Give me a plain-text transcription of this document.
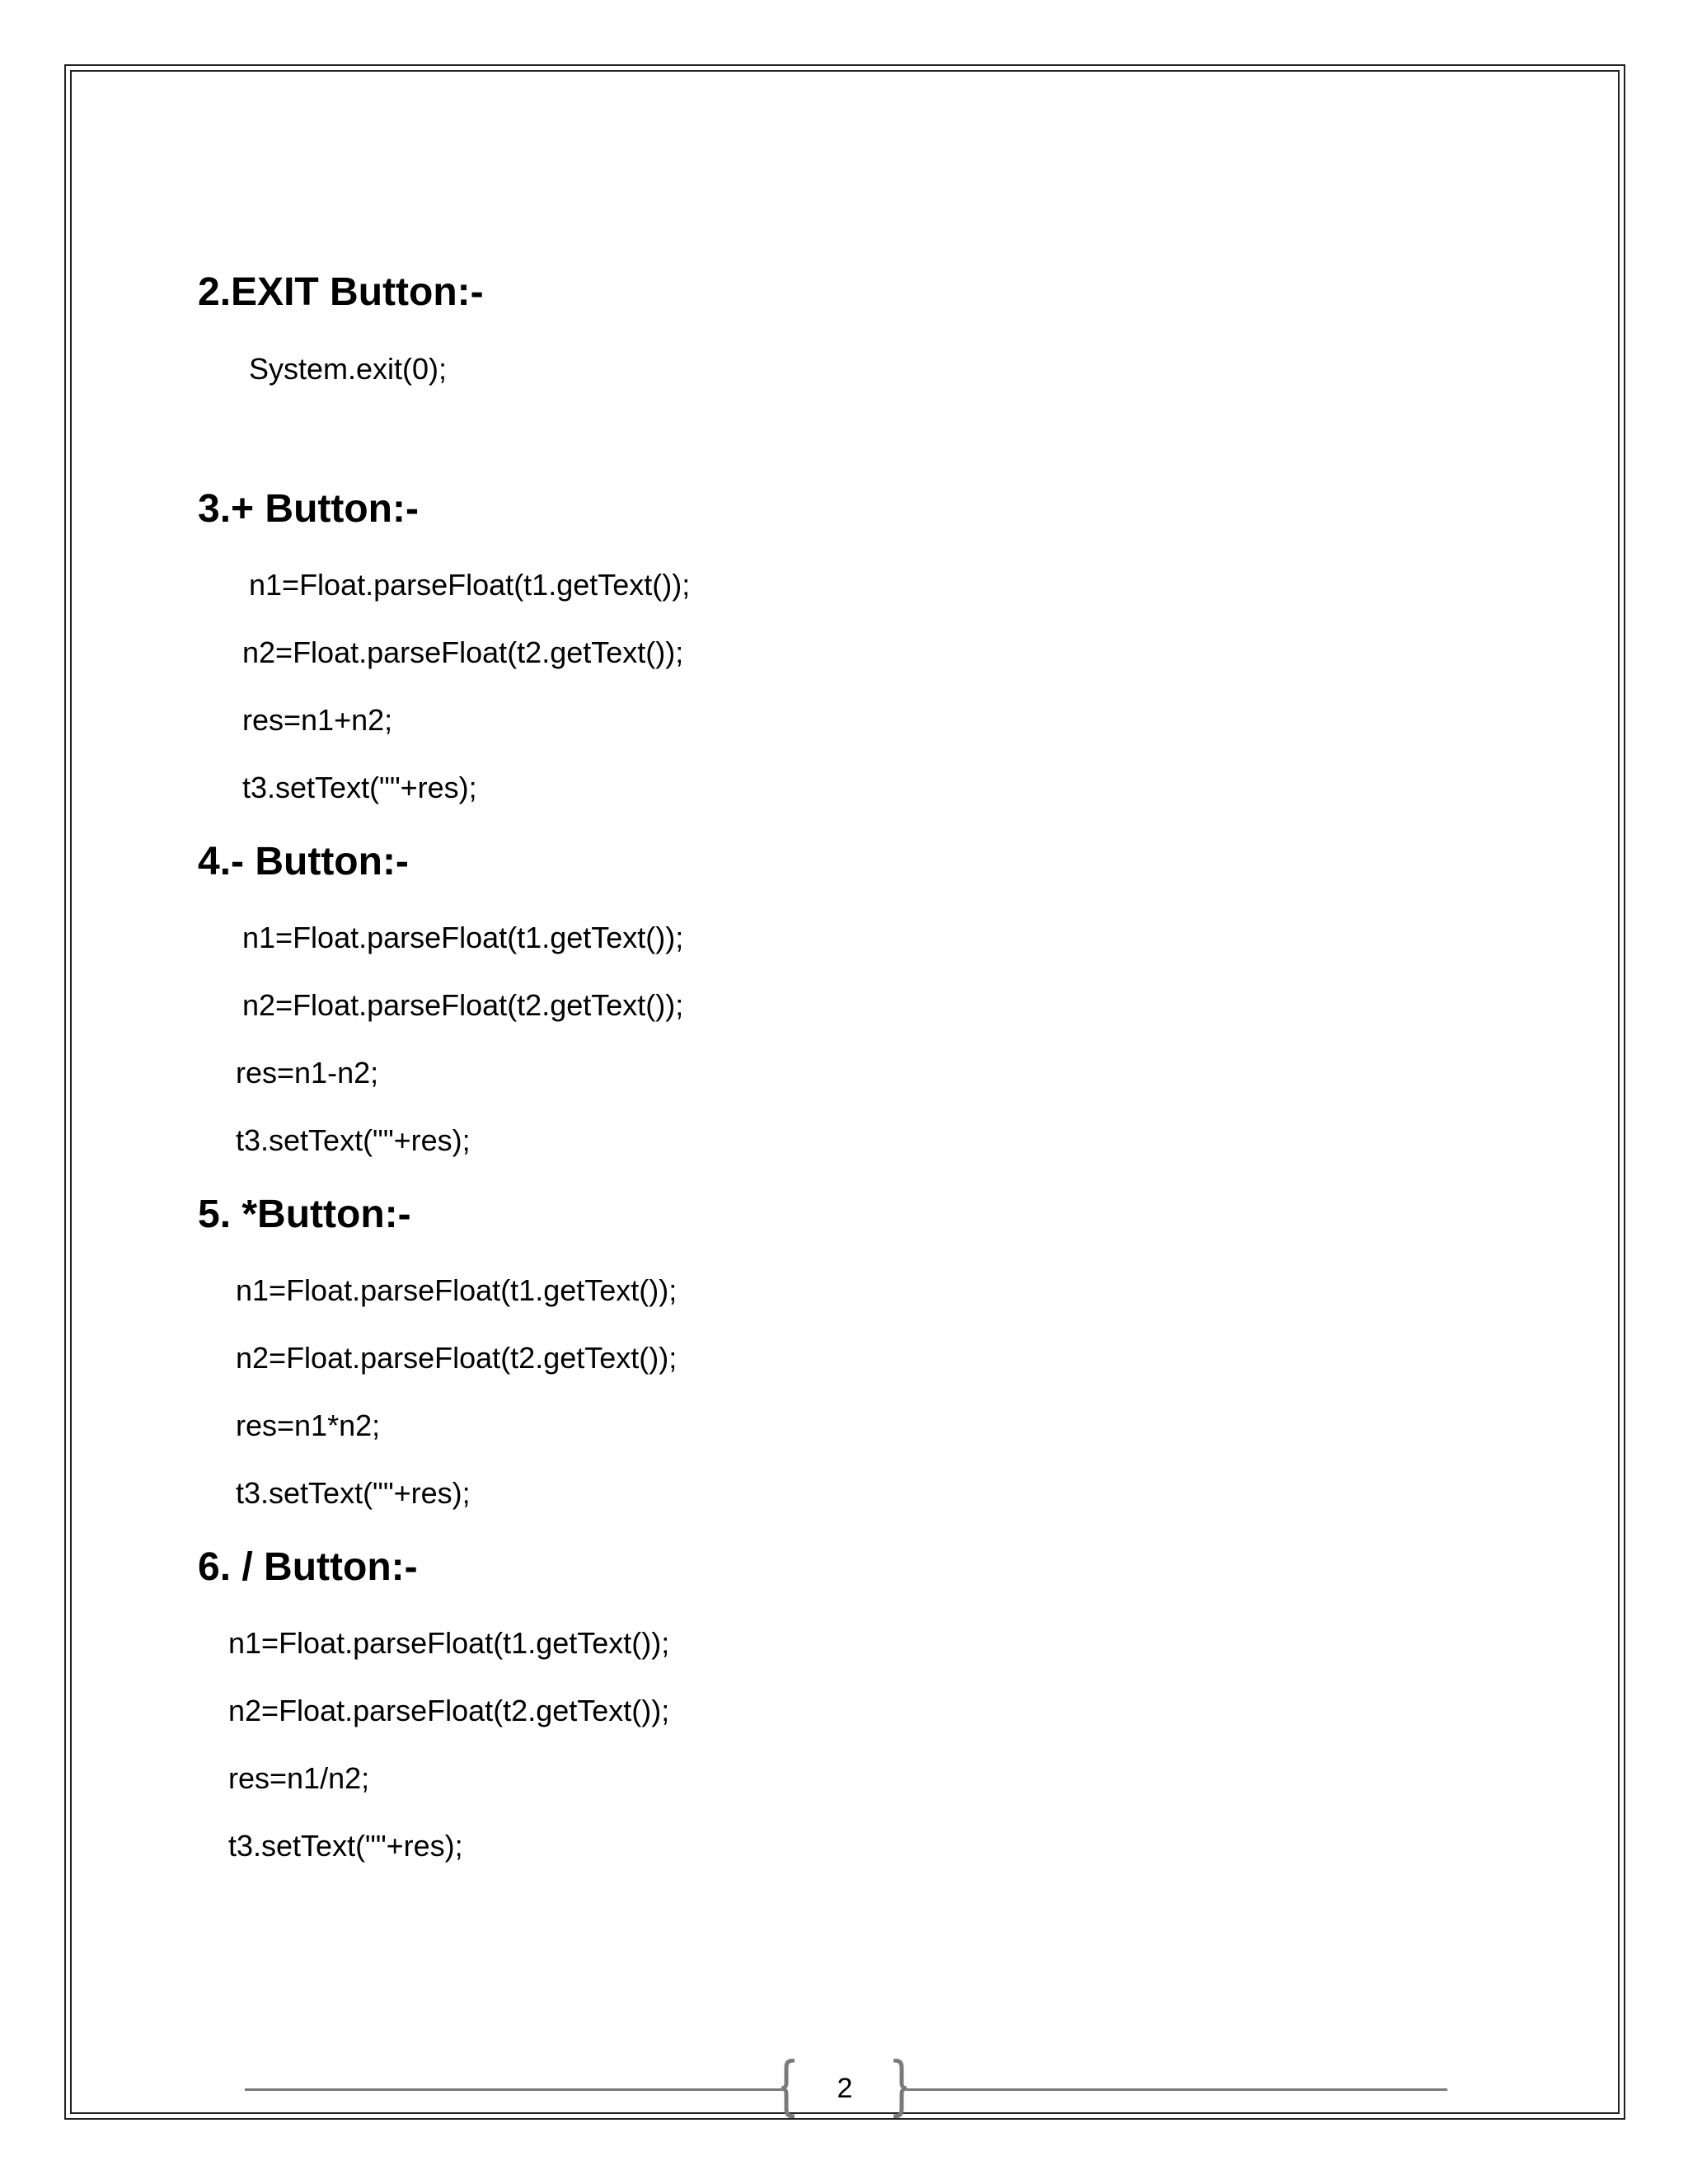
2.EXIT Button:-
System.exit(0);
3.+ Button:-
n1=Float.parseFloat(t1.getText());
n2=Float.parseFloat(t2.getText());
res=n1+n2;
t3.setText(""+res);
4.- Button:-
n1=Float.parseFloat(t1.getText());
n2=Float.parseFloat(t2.getText());
res=n1-n2;
t3.setText(""+res);
5. *Button:-
n1=Float.parseFloat(t1.getText());
n2=Float.parseFloat(t2.getText());
res=n1*n2;
t3.setText(""+res);
6. / Button:-
n1=Float.parseFloat(t1.getText());
n2=Float.parseFloat(t2.getText());
res=n1/n2;
t3.setText(""+res);
2
